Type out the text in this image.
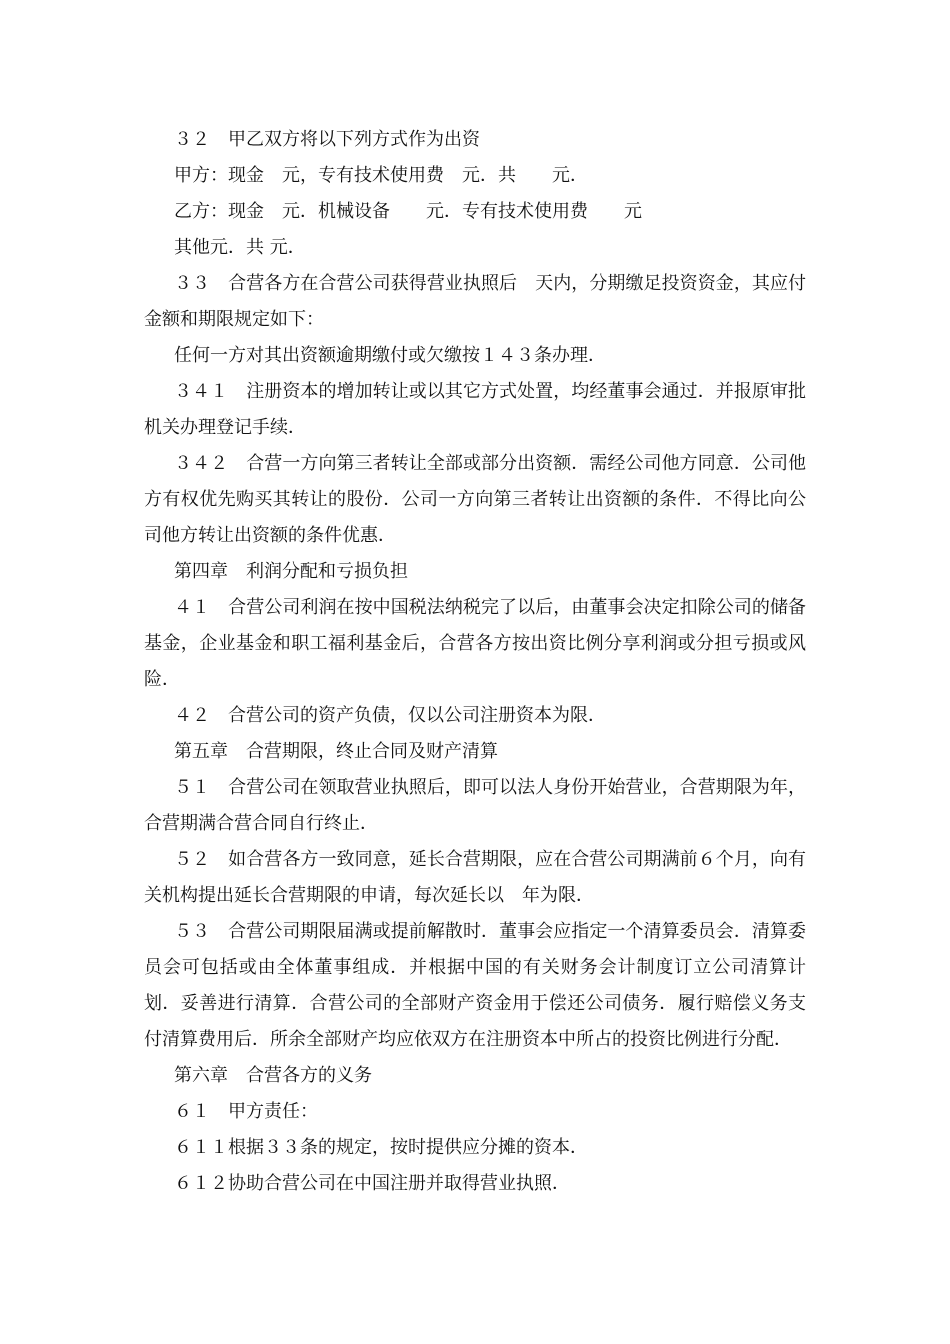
３２　甲乙双方将以下列方式作为出资

甲方：现金　元，专有技术使用费　元．共　　元．

乙方：现金　元．机械设备　　元．专有技术使用费　　元

其他元．共 元．

３３　合营各方在合营公司获得营业执照后　天内，分期缴足投资资金，其应付金额和期限规定如下：

任何一方对其出资额逾期缴付或欠缴按１４３条办理．

３４１　注册资本的增加转让或以其它方式处置，均经董事会通过．并报原审批机关办理登记手续．

３４２　合营一方向第三者转让全部或部分出资额．需经公司他方同意．公司他方有权优先购买其转让的股份．公司一方向第三者转让出资额的条件．不得比向公司他方转让出资额的条件优惠．

第四章　利润分配和亏损负担

４１　合营公司利润在按中国税法纳税完了以后，由董事会决定扣除公司的储备基金，企业基金和职工福利基金后，合营各方按出资比例分享利润或分担亏损或风险．

４２　合营公司的资产负债，仅以公司注册资本为限．

第五章　合营期限，终止合同及财产清算

５１　合营公司在领取营业执照后，即可以法人身份开始营业，合营期限为年，合营期满合营合同自行终止．

５２　如合营各方一致同意，延长合营期限，应在合营公司期满前６个月，向有关机构提出延长合营期限的申请，每次延长以　年为限．

５３　合营公司期限届满或提前解散时．董事会应指定一个清算委员会．清算委员会可包括或由全体董事组成．并根据中国的有关财务会计制度订立公司清算计划．妥善进行清算．合营公司的全部财产资金用于偿还公司债务．履行赔偿义务支付清算费用后．所余全部财产均应依双方在注册资本中所占的投资比例进行分配．

第六章　合营各方的义务

６１　甲方责任：

６１１根据３３条的规定，按时提供应分摊的资本．

６１２协助合营公司在中国注册并取得营业执照．
